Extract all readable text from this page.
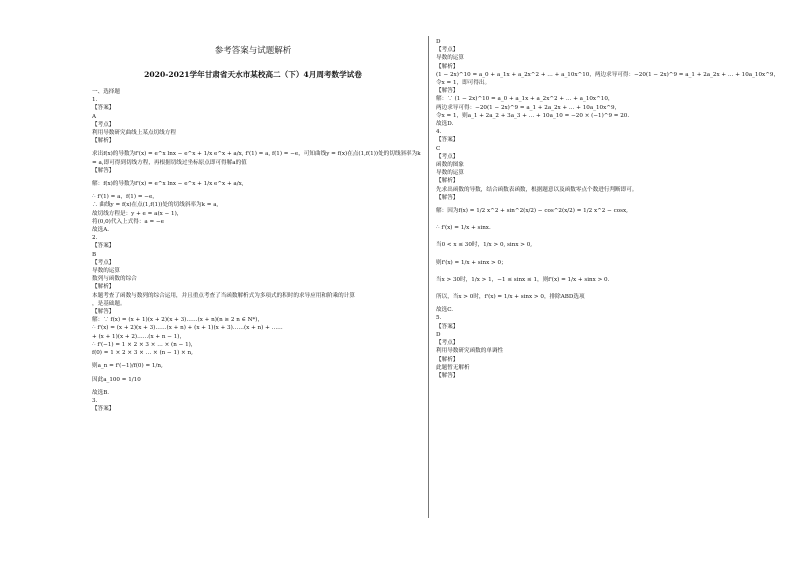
参考答案与试题解析
2020-2021学年甘肃省天水市某校高二（下）4月周考数学试卷
一、选择题
1.
【答案】
A
【考点】
利用导数研究曲线上某点切线方程
【解析】
求出f(x)的导数为f'(x) = e^x lnx − e^x + 1/x e^x + a/x, f'(1) = a, f(1) = −e，可知曲线y = f(x)在点(1,f(1))处的切线斜率为k
= a,即可得到切线方程，再根据切线过坐标原点即可得解a的值
【解答】
解：f(x)的导数为f'(x) = e^x lnx − e^x + 1/x e^x + a/x,
∴ f'(1) = a，f(1) = −e，
∴ 曲线y = f(x)在点(1,f(1))处的切线斜率为k = a,
故切线方程是：y + e = a(x − 1)，
将(0,0)代入上式得：a = −e
故选A.
2.
【答案】
B
【考点】
导数的运算
数列与函数的综合
【解析】
本题考查了函数与数列的综合运用，并且重点考查了当函数解析式为多项式的积时的求导应用和阶乘的计算
，是基础题。
【解答】
解：∵ f(x) = (x + 1)(x + 2)(x + 3)……(x + n)(n ≥ 2 n ∈ N*)，
∴ f'(x) = (x + 2)(x + 3)……(x + n) + (x + 1)(x + 3)……(x + n) + ……
+ (x + 1)(x + 2)……(x + n − 1)，
∴ f'(−1) = 1 × 2 × 3 × … × (n − 1)，
f(0) = 1 × 2 × 3 × … × (n − 1) × n,
则a_n = f'(−1)/f(0) = 1/n,
因此a_100 = 1/10
故选B.
3.
【答案】
D
【考点】
导数的运算
【解析】
(1 − 2x)^10 = a_0 + a_1x + a_2x^2 + … + a_10x^10，两边求导可得：−20(1 − 2x)^9 = a_1 + 2a_2x + … + 10a_10x^9，令x = 1，即可得出。
【解答】
解：∵ (1 − 2x)^10 = a_0 + a_1x + a_2x^2 + … + a_10x^10，
两边求导可得：−20(1 − 2x)^9 = a_1 + 2a_2x + … + 10a_10x^9，
令x = 1，则a_1 + 2a_2 + 3a_3 + … + 10a_10 = −20 × (−1)^9 = 20.
故选D.
4.
【答案】
C
【考点】
函数的图象
导数的运算
【解析】
先求出函数的导数，结合函数表函数，根据题意以及函数零点个数进行判断即可。
【解答】
解：因为f(x) = 1/2 x^2 + sin^2(x/2) − cos^2(x/2) = 1/2 x^2 − cosx,
∴ f'(x) = 1/x + sinx.
当0 < x ≤ 30时，1/x > 0, sinx > 0,
则f'(x) = 1/x + sinx > 0；
当x > 30时，1/x > 1，−1 ≤ sinx ≤ 1，则f'(x) = 1/x + sinx > 0.
所以，当x > 0时，f'(x) = 1/x + sinx > 0，排除ABD选项
故选C.
5.
【答案】
D
【考点】
利用导数研究函数的单调性
【解析】
此题暂无解析
【解答】
